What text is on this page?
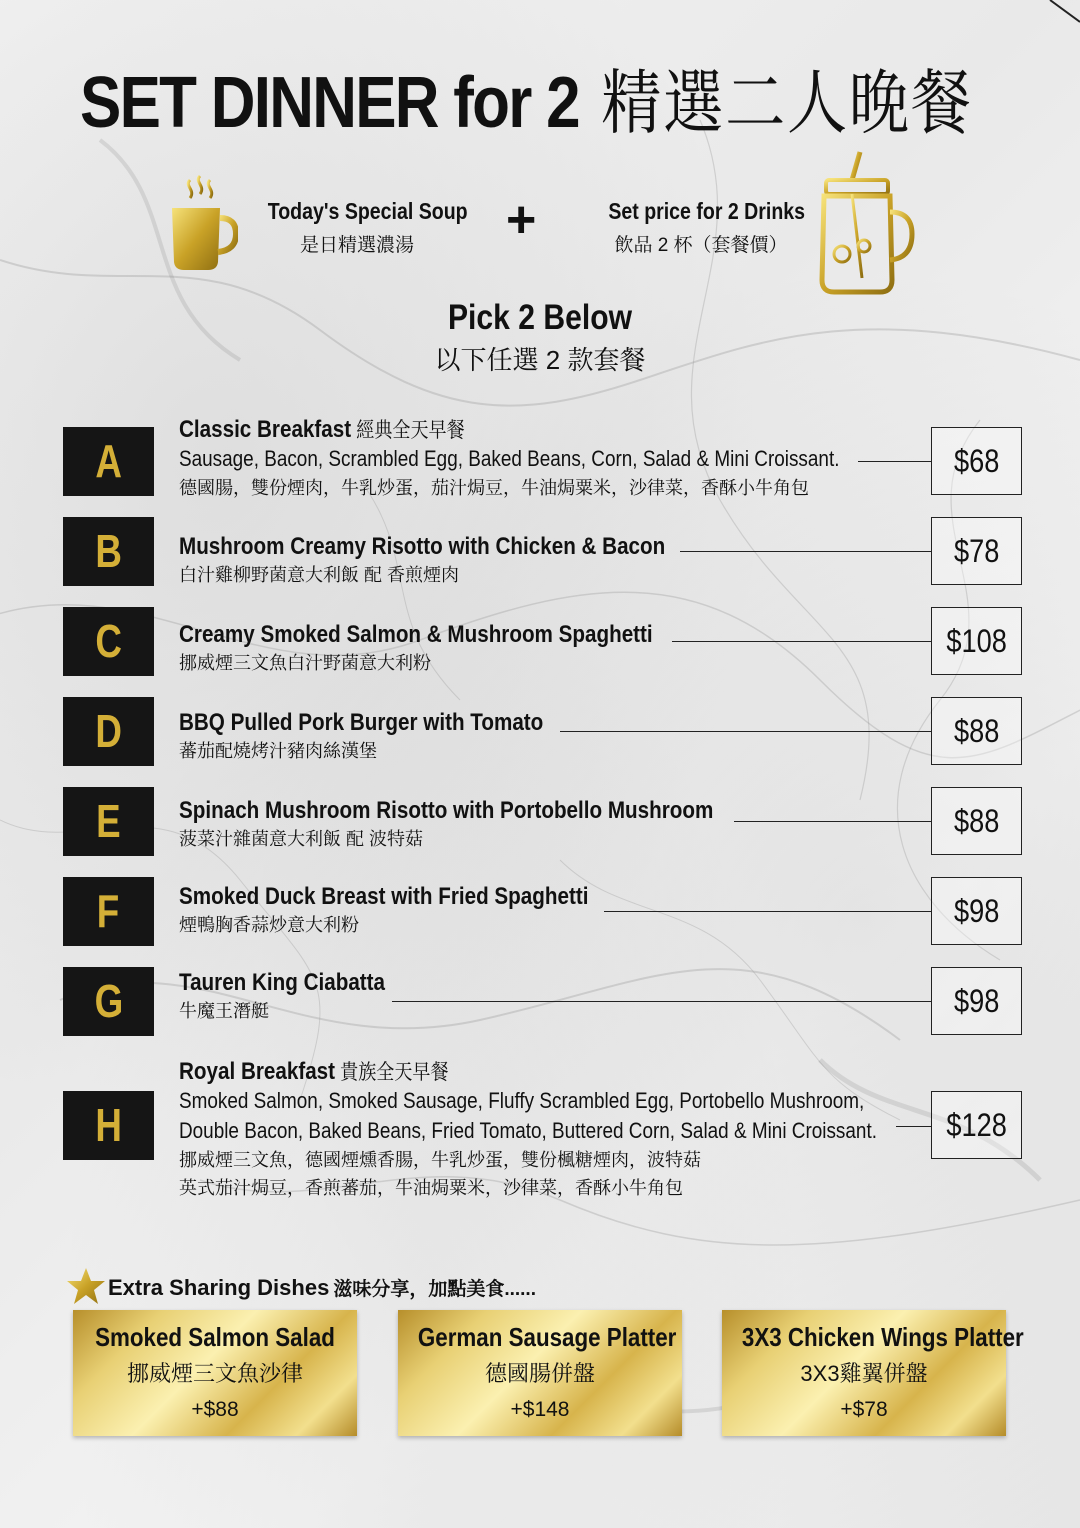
SET DINNER for 2 精選二人晚餐
Today's Special Soup
是日精選濃湯	+	Set price for 2 Drinks
飲品 2 杯（套餐價）
Pick 2 Below
以下任選 2 款套餐
A
Classic Breakfast 經典全天早餐
Sausage, Bacon, Scrambled Egg, Baked Beans, Corn, Salad & Mini Croissant.
德國腸，雙份煙肉，牛乳炒蛋，茄汁焗豆，牛油焗粟米，沙律菜，香酥小牛角包
$68
B	Mushroom Creamy Risotto with Chicken & Bacon
白汁雞柳野菌意大利飯 配 香煎煙肉
$78
C	Creamy Smoked Salmon & Mushroom Spaghetti
挪威煙三文魚白汁野菌意大利粉
$108
D	BBQ Pulled Pork Burger with Tomato
蕃茄配燒烤汁豬肉絲漢堡
$88
E	Spinach Mushroom Risotto with Portobello Mushroom
菠菜汁雜菌意大利飯 配 波特菇	$88
F	Smoked Duck Breast with Fried Spaghetti
煙鴨胸香蒜炒意大利粉	$98
G	Tauren King Ciabatta
牛魔王潛艇	$98
H
Royal Breakfast 貴族全天早餐
Smoked Salmon, Smoked Sausage, Fluffy Scrambled Egg, Portobello Mushroom,
Double Bacon, Baked Beans, Fried Tomato, Buttered Corn, Salad & Mini Croissant.
挪威煙三文魚，德國煙燻香腸，牛乳炒蛋，雙份楓糖煙肉，波特菇
英式茄汁焗豆，香煎蕃茄，牛油焗粟米，沙律菜，香酥小牛角包
$128
Extra Sharing Dishes 滋味分享，加點美食......
Smoked Salmon Salad
挪威煙三文魚沙律
+$88
German Sausage Platter
德國腸併盤
+$148
3X3 Chicken Wings Platter
3X3雞翼併盤
+$78
